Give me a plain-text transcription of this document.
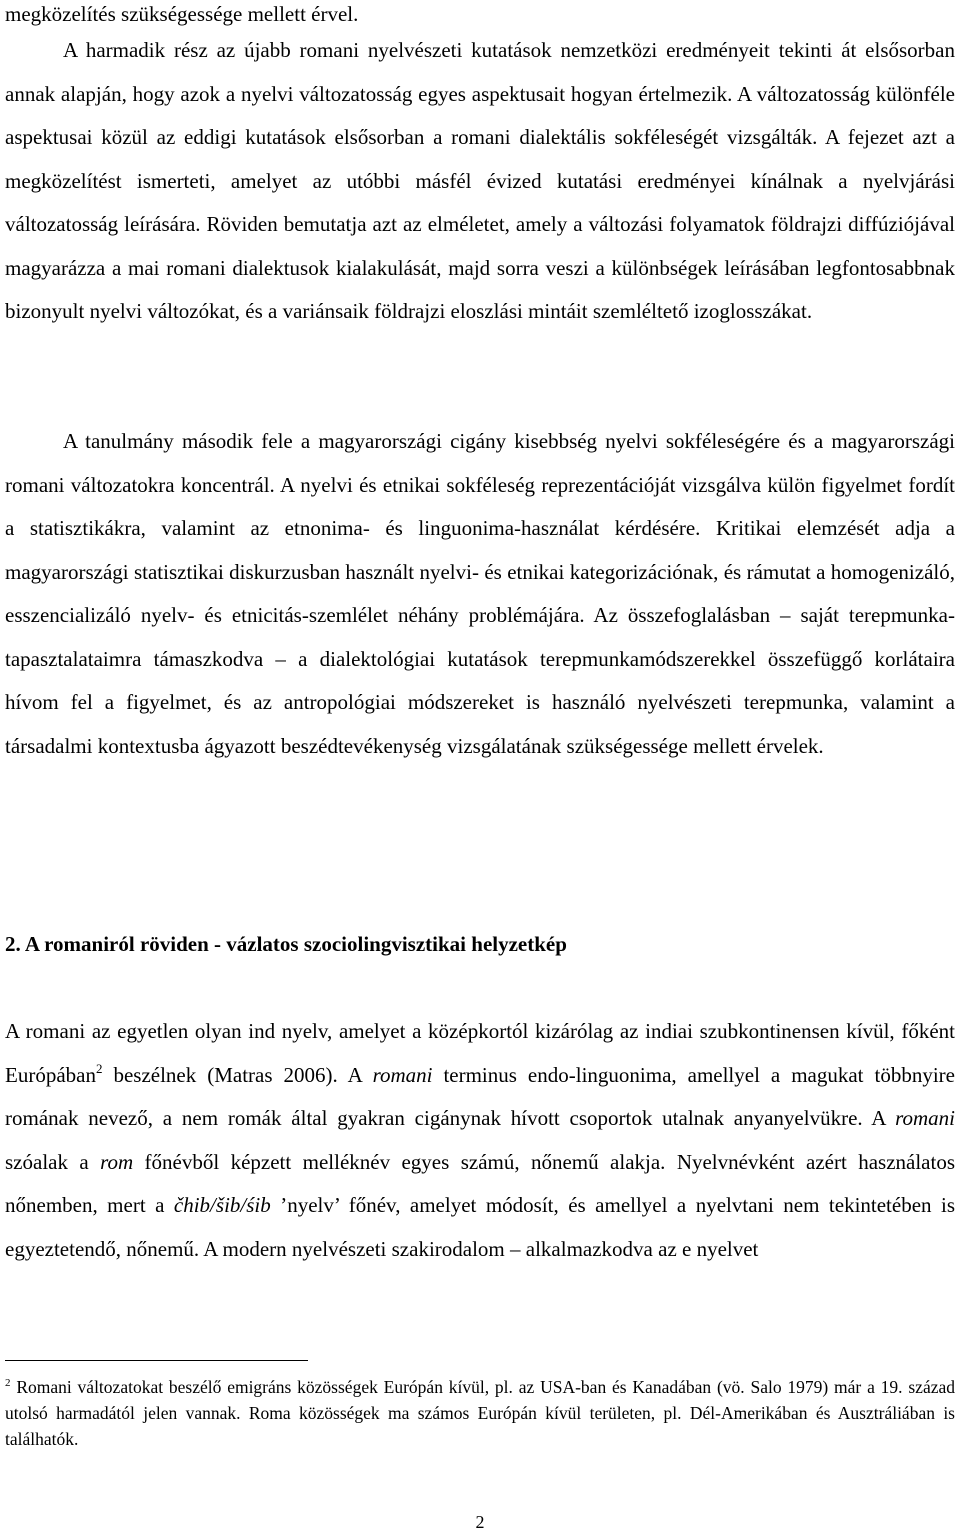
megközelítés szükségessége mellett érvel.

A harmadik rész az újabb romani nyelvészeti kutatások nemzetközi eredményeit tekinti át elsősorban annak alapján, hogy azok a nyelvi változatosság egyes aspektusait hogyan értelmezik. A változatosság különféle aspektusai közül az eddigi kutatások elsősorban a romani dialektális sokféleségét vizsgálták. A fejezet azt a megközelítést ismerteti, amelyet az utóbbi másfél évized kutatási eredményei kínálnak a nyelvjárási változatosság leírására. Röviden bemutatja azt az elméletet, amely a változási folyamatok földrajzi diffúziójával magyarázza a mai romani dialektusok kialakulását, majd sorra veszi a különbségek leírásában legfontosabbnak bizonyult nyelvi változókat, és a variánsaik földrajzi eloszlási mintáit szemléltető izoglosszákat.

A tanulmány második fele a magyarországi cigány kisebbség nyelvi sokféleségére és a magyarországi romani változatokra koncentrál. A nyelvi és etnikai sokféleség reprezentációját vizsgálva külön figyelmet fordít a statisztikákra, valamint az etnonima- és linguonima-használat kérdésére. Kritikai elemzését adja a magyarországi statisztikai diskurzusban használt nyelvi- és etnikai kategorizációnak, és rámutat a homogenizáló, esszencializáló nyelv- és etnicitás-szemlélet néhány problémájára. Az összefoglalásban – saját terepmunka-tapasztalataimra támaszkodva – a dialektológiai kutatások terepmunkamódszerekkel összefüggő korlátaira hívom fel a figyelmet, és az antropológiai módszereket is használó nyelvészeti terepmunka, valamint a társadalmi kontextusba ágyazott beszédtevékenység vizsgálatának szükségessége mellett érvelek.

2. A romaniról röviden - vázlatos szociolingvisztikai helyzetkép

A romani az egyetlen olyan ind nyelv, amelyet a középkortól kizárólag az indiai szubkontinensen kívül, főként Európában$^2$ beszélnek (Matras 2006). A romani terminus endo-linguonima, amellyel a magukat többnyire romának nevező, a nem romák által gyakran cigánynak hívott csoportok utalnak anyanyelvükre. A romani szóalak a rom főnévből képzett melléknév egyes számú, nőnemű alakja. Nyelvnévként azért használatos nőnemben, mert a čhib/šib/śib ’nyelv’ főnév, amelyet módosít, és amellyel a nyelvtani nem tekintetében is egyeztetendő, nőnemű. A modern nyelvészeti szakirodalom – alkalmazkodva az e nyelvet

$^2$ Romani változatokat beszélő emigráns közösségek Európán kívül, pl. az USA-ban és Kanadában (vö. Salo 1979) már a 19. század utolsó harmadától jelen vannak. Roma közösségek ma számos Európán kívül területen, pl. Dél-Amerikában és Ausztráliában is találhatók.

2
